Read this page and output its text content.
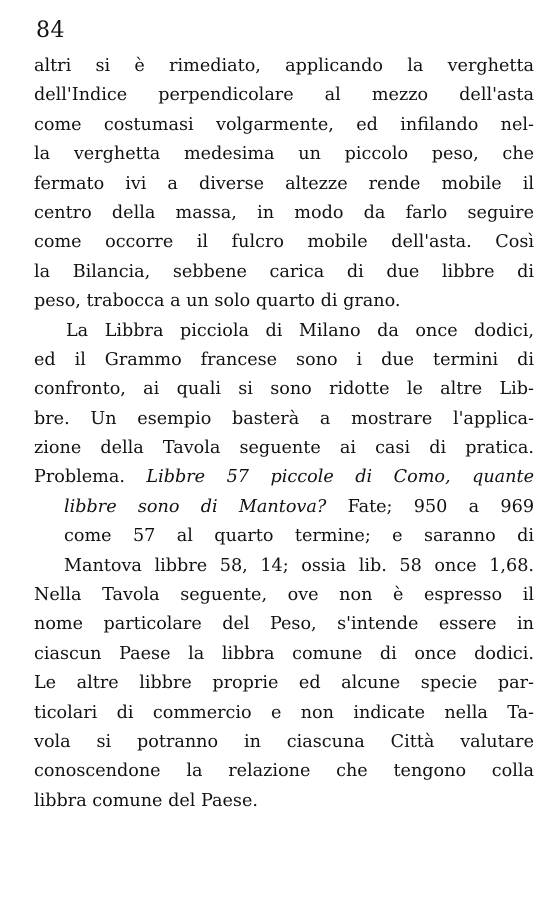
84
altri si è rimediato, applicando la verghetta
dell'Indice perpendicolare al mezzo dell'asta
come costumasi volgarmente, ed infilando nel-
la verghetta medesima un piccolo peso, che
fermato ivi a diverse altezze rende mobile il
centro della massa, in modo da farlo seguire
come occorre il fulcro mobile dell'asta. Così
la Bilancia, sebbene carica di due libbre di
peso, trabocca a un solo quarto di grano.
La Libbra picciola di Milano da once dodici,
ed il Grammo francese sono i due termini di
confronto, ai quali si sono ridotte le altre Lib-
bre. Un esempio basterà a mostrare l'applica-
zione della Tavola seguente ai casi di pratica.
Problema. Libbre 57 piccole di Como, quante
libbre sono di Mantova? Fate; 950 a 969
come 57 al quarto termine; e saranno di
Mantova libbre 58, 14; ossia lib. 58 once 1,68.
Nella Tavola seguente, ove non è espresso il
nome particolare del Peso, s'intende essere in
ciascun Paese la libbra comune di once dodici.
Le altre libbre proprie ed alcune specie par-
ticolari di commercio e non indicate nella Ta-
vola si potranno in ciascuna Città valutare
conoscendone la relazione che tengono colla
libbra comune del Paese.
